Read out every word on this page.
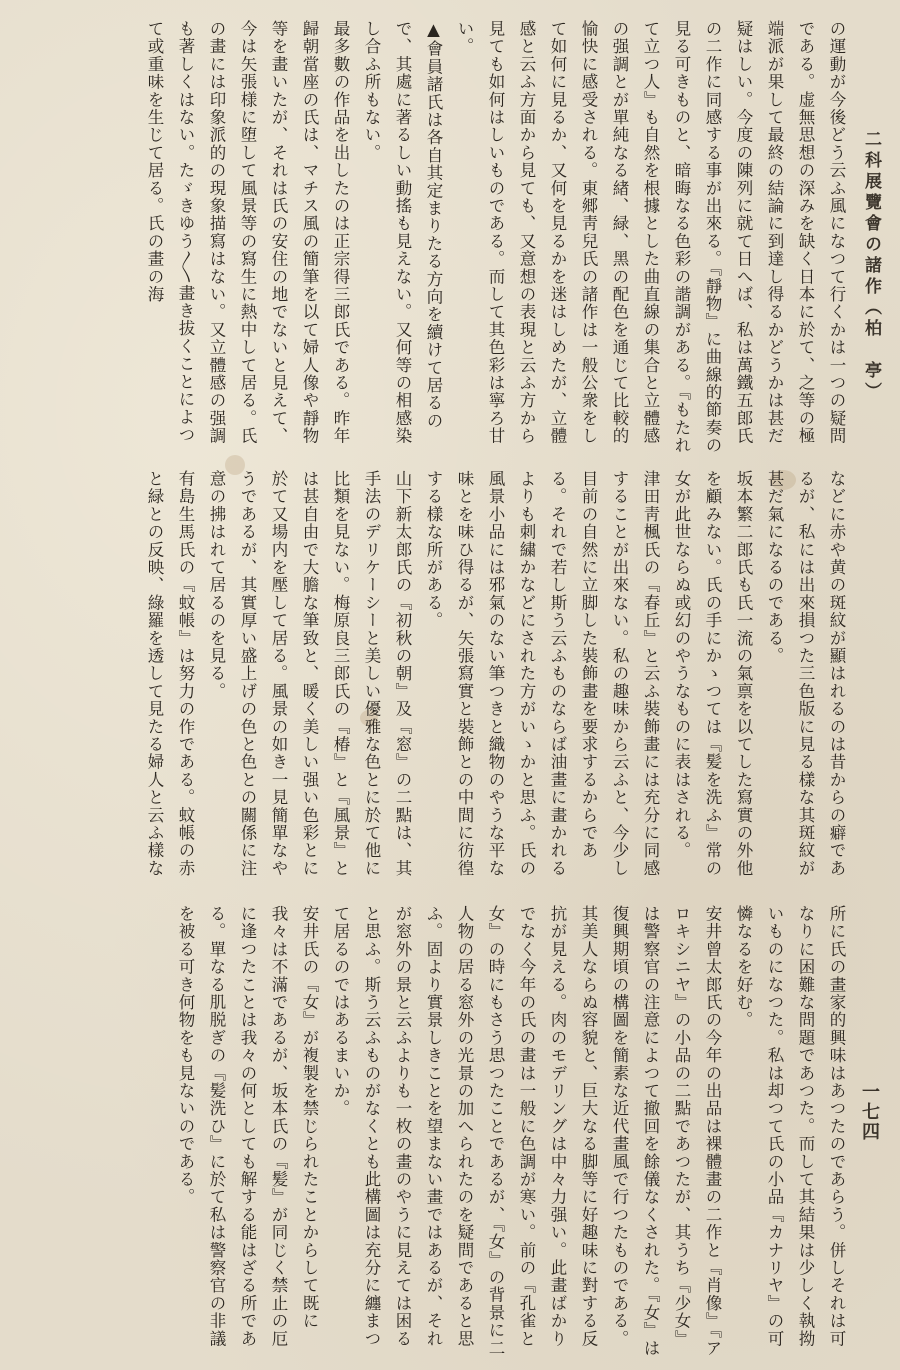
二科展覽會の諸作（柏　亭）

の運動が今後どう云ふ風になつて行くかは一つの疑問である。虚無思想の深みを缺く日本に於て、之等の極端派が果して最終の結論に到達し得るかどうかは甚だ疑はしい。今度の陳列に就て日へば、私は萬鐵五郎氏の二作に同感する事が出來る。『靜物』に曲線的節奏の見る可きものと、暗晦なる色彩の諧調がある。『もたれて立つ人』も自然を根據とした曲直線の集合と立體感の强調とが單純なる緖、緑、黑の配色を通じて比較的愉快に感受される。東郷靑兒氏の諸作は一般公衆をして如何に見るか、又何を見るかを迷はしめたが、立體感と云ふ方面から見ても、又意想の表現と云ふ方から見ても如何はしいものである。而して其色彩は寧ろ甘い。

▲會員諸氏は各自其定まりたる方向を續けて居るので、其處に著るしい動搖も見えない。又何等の相感染し合ふ所もない。

最多數の作品を出したのは正宗得三郎氏である。昨年歸朝當座の氏は、マチス風の簡筆を以て婦人像や靜物等を畫いたが、それは氏の安住の地でないと見えて、今は矢張様に堕して風景等の寫生に熱中して居る。氏の畫には印象派的の現象描寫はない。又立體感の强調も著しくはない。たゞきゆう〳〵畫き拔くことによつて或重味を生じて居る。氏の畫の海

などに赤や黄の斑紋が顯はれるのは昔からの癖であるが、私には出來損つた三色版に見る樣な其斑紋が甚だ氣になるのである。

坂本繁二郎氏も氏一流の氣禀を以てした寫實の外他を顧みない。氏の手にかゝつては『髪を洗ふ』常の女が此世ならぬ或幻のやうなものに表はされる。

津田靑楓氏の『春丘』と云ふ裝飾畫には充分に同感することが出來ない。私の趣味から云ふと、今少し目前の自然に立脚した裝飾畫を要求するからである。それで若し斯う云ふものならば油畫に畫かれるよりも刺繍かなどにされた方がいゝかと思ふ。氏の風景小品には邪氣のない筆つきと織物のやうな平な味とを味ひ得るが、矢張寫實と裝飾との中間に彷徨する樣な所がある。

山下新太郎氏の『初秋の朝』及『窓』の二點は、其手法のデリケーシーと美しい優雅な色とに於て他に比類を見ない。梅原良三郎氏の『椿』と『風景』とは甚自由で大膽な筆致と、暖く美しい强い色彩とに於て又場内を壓して居る。風景の如き一見簡單なやうであるが、其實厚い盛上げの色と色との關係に注意の拂はれて居るのを見る。

有島生馬氏の『蚊帳』は努力の作である。蚊帳の赤と緑との反映、綠羅を透して見たる婦人と云ふ樣な

所に氏の畫家的興味はあつたのであらう。併しそれは可なりに困難な問題であつた。而して其結果は少しく執拗いものになつた。私は却つて氏の小品『カナリヤ』の可憐なるを好む。

安井曾太郎氏の今年の出品は裸體畫の二作と『肖像』『アロキシニヤ』の小品の二點であつたが、其うち『少女』は警察官の注意によつて撤回を餘儀なくされた。『女』は復興期頃の構圖を簡素な近代畫風で行つたものである。其美人ならぬ容貌と、巨大なる脚等に好趣味に對する反抗が見える。肉のモデリングは中々力强い。此畫ばかりでなく今年の氏の畫は一般に色調が寒い。前の『孔雀と女』の時にもさう思つたことであるが、『女』の背景に二人物の居る窓外の光景の加へられたのを疑問であると思ふ。固より實景しきことを望まない畫ではあるが、それが窓外の景と云ふよりも一枚の畫のやうに見えては困ると思ふ。斯う云ふものがなくとも此構圖は充分に纏まつて居るのではあるまいか。

安井氏の『女』が複製を禁じられたことからして既に我々は不滿であるが、坂本氏の『髪』が同じく禁止の厄に逢つたことは我々の何としても解する能はざる所である。單なる肌脱ぎの『髪洗ひ』に於て私は警察官の非議を被る可き何物をも見ないのである。	一七四
